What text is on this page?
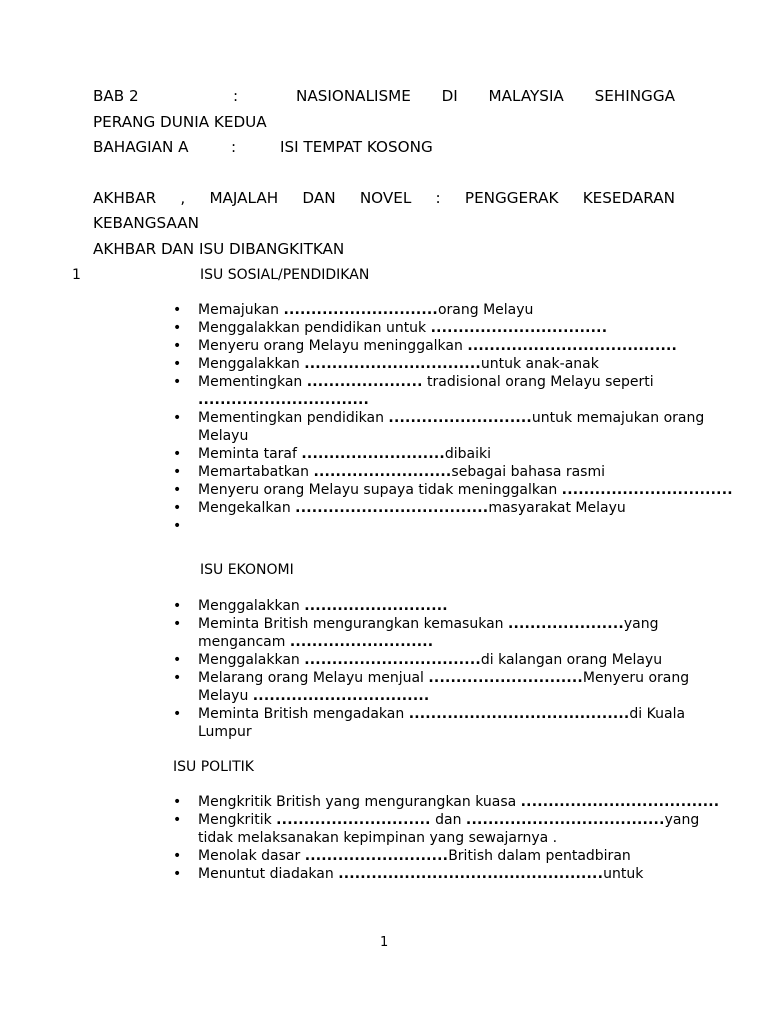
BAB 2	:	NASIONALISME DI MALAYSIA SEHINGGA
PERANG DUNIA KEDUA
BAHAGIAN A	:	ISI TEMPAT KOSONG
AKHBAR , MAJALAH DAN NOVEL : PENGGERAK KESEDARAN
KEBANGSAAN
AKHBAR DAN ISU DIBANGKITKAN
1	ISU SOSIAL/PENDIDIKAN
• Memajukan ............................orang Melayu
• Menggalakkan pendidikan untuk ................................
• Menyeru orang Melayu meninggalkan ......................................
• Menggalakkan ................................untuk anak-anak
• Mementingkan ..................... tradisional orang Melayu seperti ...............................
• Mementingkan pendidikan ..........................untuk memajukan orang Melayu
• Meminta taraf ..........................dibaiki
• Memartabatkan .........................sebagai bahasa rasmi
• Menyeru orang Melayu supaya tidak meninggalkan ...............................
• Mengekalkan ...................................masyarakat Melayu
•
ISU EKONOMI
• Menggalakkan ..........................
• Meminta British mengurangkan kemasukan .....................yang mengancam ..........................
• Menggalakkan ................................di kalangan orang Melayu
• Melarang orang Melayu menjual ............................Menyeru orang Melayu ................................
• Meminta British mengadakan ........................................di Kuala Lumpur
ISU POLITIK
• Mengkritik British yang mengurangkan kuasa ....................................
• Mengkritik ............................ dan ....................................yang tidak melaksanakan kepimpinan yang sewajarnya .
• Menolak dasar ..........................British dalam pentadbiran
• Menuntut diadakan ................................................untuk
1
